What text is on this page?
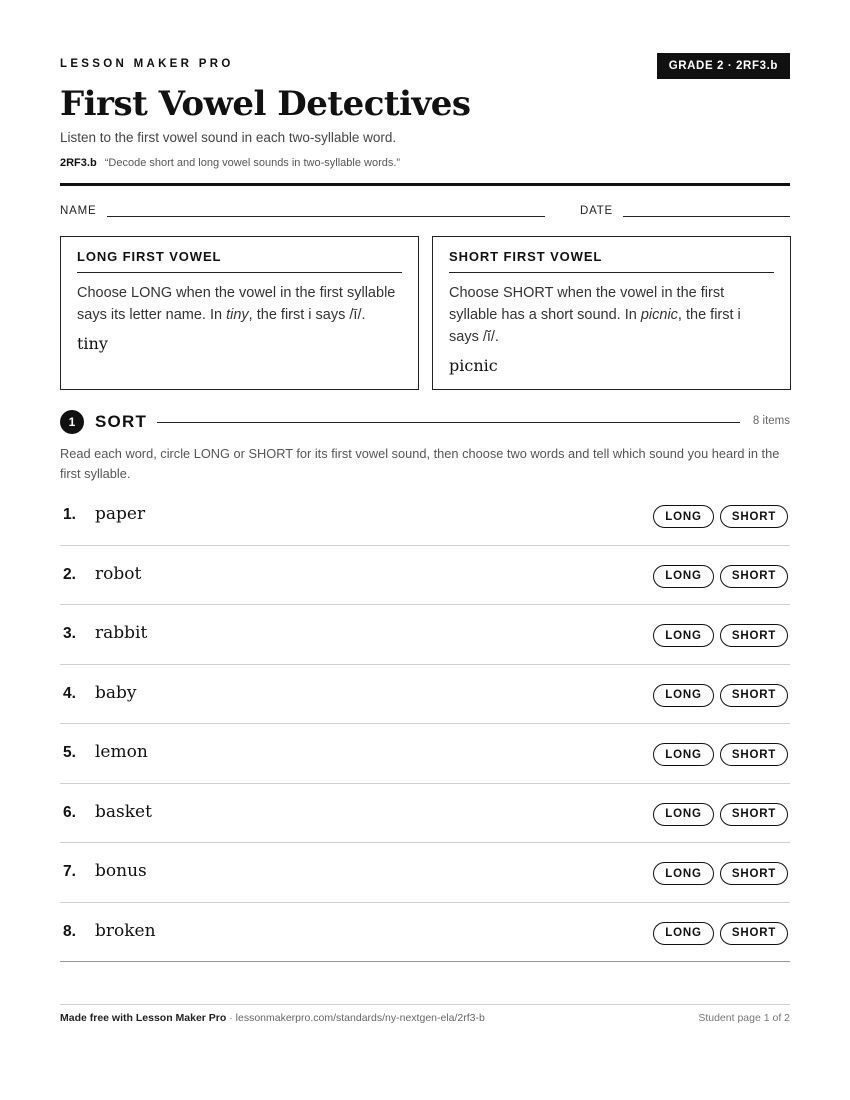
LESSON MAKER PRO	GRADE 2 · 2RF3.b
First Vowel Detectives
Listen to the first vowel sound in each two-syllable word.
2RF3.b “Decode short and long vowel sounds in two-syllable words.”
NAME	DATE
LONG FIRST VOWEL
Choose LONG when the vowel in the first syllable says its letter name. In tiny, the first i says /ī/.
tiny
SHORT FIRST VOWEL
Choose SHORT when the vowel in the first syllable has a short sound. In picnic, the first i says /ĭ/.
picnic
1	SORT	8 items
Read each word, circle LONG or SHORT for its first vowel sound, then choose two words and tell which sound you heard in the first syllable.
1. paper	LONG	SHORT
2. robot	LONG	SHORT
3. rabbit	LONG	SHORT
4. baby	LONG	SHORT
5. lemon	LONG	SHORT
6. basket	LONG	SHORT
7. bonus	LONG	SHORT
8. broken	LONG	SHORT
Made free with Lesson Maker Pro · lessonmakerpro.com/standards/ny-nextgen-ela/2rf3-b	Student page 1 of 2
